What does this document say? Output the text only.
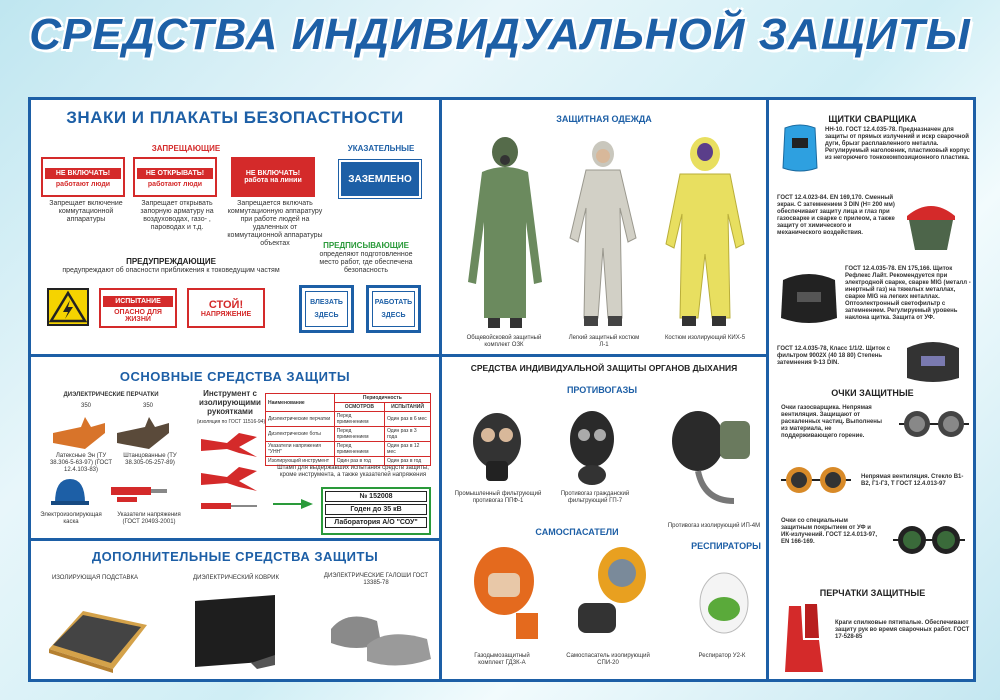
СРЕДСТВА ИНДИВИДУАЛЬНОЙ ЗАЩИТЫ
ЗНАКИ И ПЛАКАТЫ БЕЗОПАСТНОСТИ
ЗАПРЕЩАЮЩИЕ	УКАЗАТЕЛЬНЫЕ
НЕ ВКЛЮЧАТЬ!
работают люди
Запрещает включение коммутационной аппаратуры
НЕ ОТКРЫВАТЬ!
работают люди
Запрещает открывать запорную арматуру на воздуховодах, газо- , пароводах и т.д.
НЕ ВКЛЮЧАТЬ!
работа на линии
Запрещается включать коммутационную аппаратуру при работе людей на удаленных от коммутационной аппаратуры объектах
ЗАЗЕМЛЕНО
ПРЕДУПРЕЖДАЮЩИЕ
предупреждают об опасности приближения к токоведущим частям
ИСПЫТАНИЕ
ОПАСНО ДЛЯ ЖИЗНИ
СТОЙ!
НАПРЯЖЕНИЕ
ПРЕДПИСЫВАЮЩИЕ
определяют подготовленное место работ, где обеспечена безопасность
ВЛЕЗАТЬ
ЗДЕСЬ
РАБОТАТЬ
ЗДЕСЬ
ЗАЩИТНАЯ ОДЕЖДА
Общевойсковой защитный комплект ОЗК
Легкий защитный костюм Л-1
Костюм изолирующий КИХ-5
ЩИТКИ СВАРЩИКА
НН-10. ГОСТ 12.4.035-78. Предназначен для защиты от прямых излучений и искр сварочной дуги, брызг расплавленного металла. Регулируемый наголовник, пластиковый корпус из негорючего тонкокомпозиционного пластика.
ГОСТ 12.4.023-84. EN 169,170. Сменный экран. С затемнением 3 DIN (Н= 200 мм) обеспечивает защиту лица и глаз при газосварке и сварке с прилеом, а также защиту от химического и механического воздействия.
ГОСТ 12.4.035-78. EN 175,166. Щиток Рефлекс Лайт. Рекомендуется при электродной сварке, сварке MIG (металл - инертный газ) на тяжелых металлах, сварке MIG на легких металлах. Оптоэлектронный светофильтр с затемнением. Регулируемый уровень наклона щитка. Защита от УФ.
ГОСТ 12.4.035-78, Класс 1/1/2. Щиток с фильтром 9002Х (40 18 80) Степень затемнения 9-13 DIN.
ОЧКИ ЗАЩИТНЫЕ
Очки газосварщика. Непрямая вентиляция. Защищают от раскаленных частиц. Выполнены из материала, не поддерживающего горение.
Непрямая вентиляция. Стекло В1-В2, Г1-Г3, Т ГОСТ 12.4.013-97
Очки со специальным защитным покрытием от УФ и ИК-излучений. ГОСТ 12.4.013-97, EN 166-169.
ПЕРЧАТКИ ЗАЩИТНЫЕ
Краги спилковые пятипалые. Обеспечивают защиту рук во время сварочных работ. ГОСТ 17-528-85
ОСНОВНЫЕ СРЕДСТВА ЗАЩИТЫ
ДИЭЛЕКТРИЧЕСКИЕ ПЕРЧАТКИ
350	350
Латексные Эн (ТУ 38.306-5-63-97) (ГОСТ 12.4.103-83)
Штанцованные (ТУ 38.305-05-257-89)
Электроизолирующая каска
Указатели напряжения (ГОСТ 20493-2001)
Инструмент с изолирующими рукоятками
(изоляция по ГОСТ 11516-94)
Наименование	Периодичность	
	ОСМОТРОВ	ИСПЫТАНИЙ
Диэлектрические перчатки	Перед применением	Один раз в 6 мес
Диэлектрические боты	Перед применением	Один раз в 3 года
Указатели напряжения "УНН"	Перед применением	Один раз в 12 мес
Изолирующий инструмент	Один раз в год	Один раз в год
Штамп для выдержавших испытания средств защиты, кроме инструмента, а также указателей напряжения
№ 152008
Годен до 35 кВ
Лаборатория А/О "СОУ"
ДОПОЛНИТЕЛЬНЫЕ СРЕДСТВА ЗАЩИТЫ
ИЗОЛИРУЮЩАЯ ПОДСТАВКА	ДИЭЛЕКТРИЧЕСКИЙ КОВРИК	ДИЭЛЕКТРИЧЕСКИЕ ГАЛОШИ ГОСТ 13385-78
СРЕДСТВА ИНДИВИДУАЛЬНОЙ ЗАЩИТЫ ОРГАНОВ ДЫХАНИЯ
ПРОТИВОГАЗЫ
Промышленный фильтрующий противогаз ППФ-1
Противогаз гражданский фильтрующий ГП-7
Противогаз изолирующий ИП-4М
САМОСПАСАТЕЛИ
РЕСПИРАТОРЫ
Газодымозащитный комплект ГДЗК-А
Самоспасатель изолирующий СПИ-20
Респиратор У2-К
